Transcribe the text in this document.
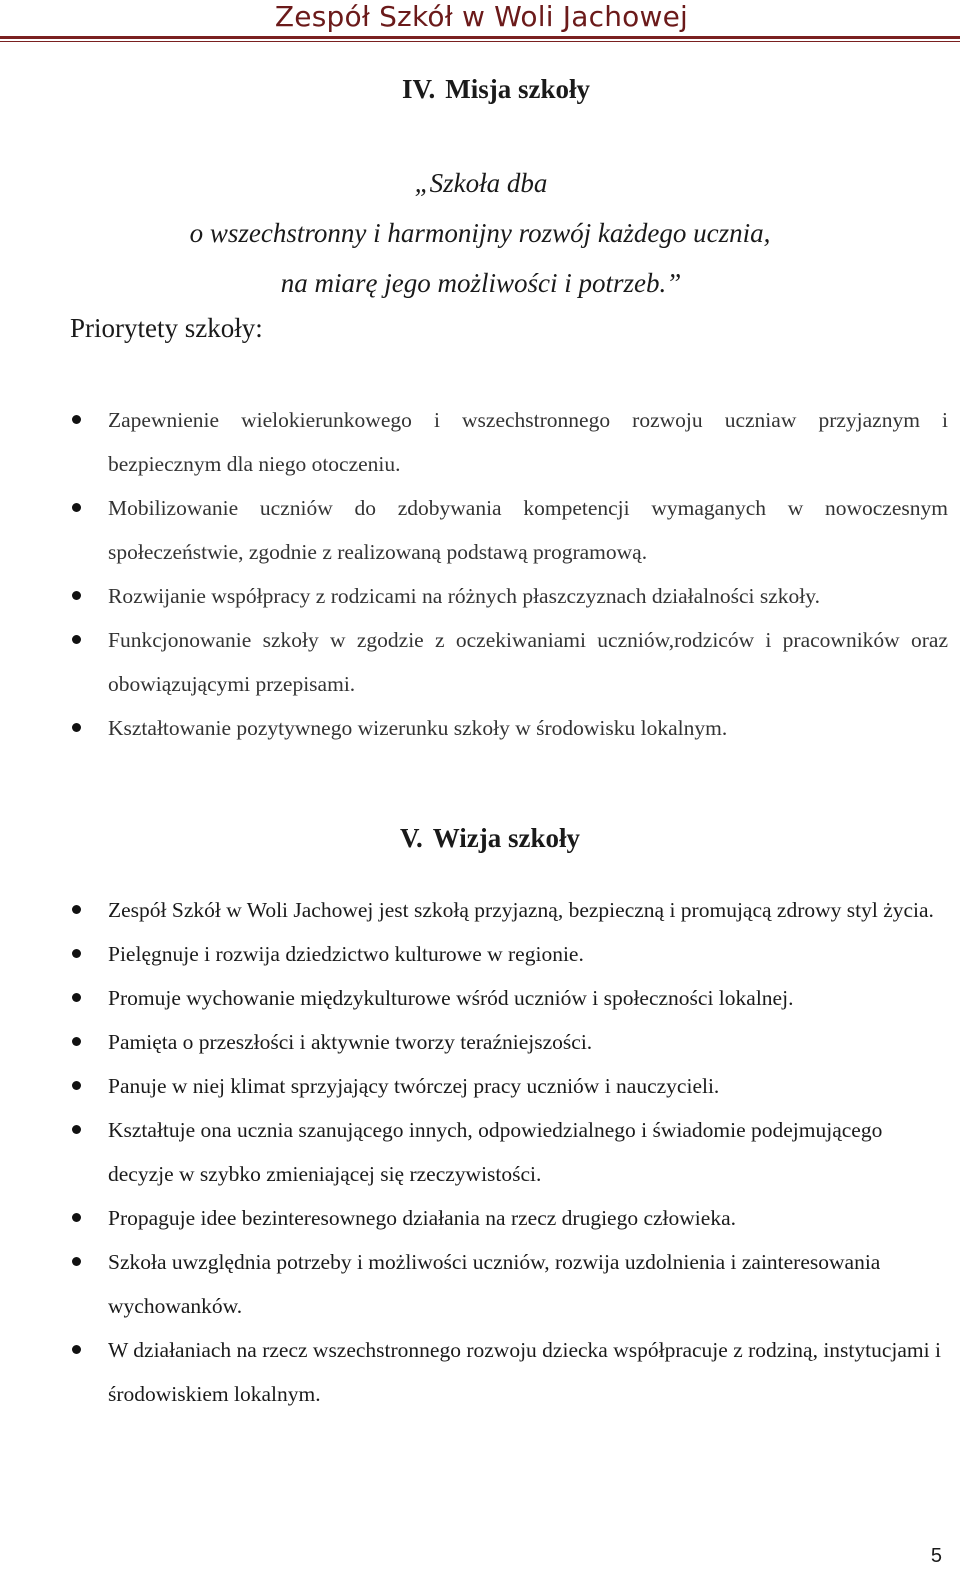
Zespół Szkół w Woli Jachowej
IV. Misja szkoły
„Szkoła dba
o wszechstronny i harmonijny rozwój każdego ucznia,
na miarę jego możliwości i potrzeb.”
Priorytety szkoły:
Zapewnienie wielokierunkowego i wszechstronnego rozwoju uczniaw przyjaznym i bezpiecznym dla niego otoczeniu.
Mobilizowanie uczniów do zdobywania kompetencji wymaganych w nowoczesnym społeczeństwie, zgodnie z realizowaną podstawą programową.
Rozwijanie współpracy z rodzicami na różnych płaszczyznach działalności szkoły.
Funkcjonowanie szkoły w zgodzie z oczekiwaniami uczniów,rodziców i pracowników oraz obowiązującymi przepisami.
Kształtowanie pozytywnego wizerunku szkoły w środowisku lokalnym.
V. Wizja szkoły
Zespół Szkół w Woli Jachowej jest szkołą przyjazną, bezpieczną i promującą zdrowy styl życia.
Pielęgnuje i rozwija dziedzictwo kulturowe w regionie.
Promuje wychowanie międzykulturowe wśród uczniów i społeczności lokalnej.
Pamięta o przeszłości i aktywnie tworzy teraźniejszości.
Panuje w niej klimat sprzyjający twórczej pracy uczniów i nauczycieli.
Kształtuje ona ucznia szanującego innych, odpowiedzialnego i świadomie podejmującego decyzje w szybko zmieniającej się rzeczywistości.
Propaguje idee bezinteresownego działania na rzecz drugiego człowieka.
Szkoła uwzględnia potrzeby i możliwości uczniów, rozwija uzdolnienia i zainteresowania wychowanków.
W działaniach na rzecz wszechstronnego rozwoju dziecka współpracuje z rodziną, instytucjami i środowiskiem lokalnym.
5
